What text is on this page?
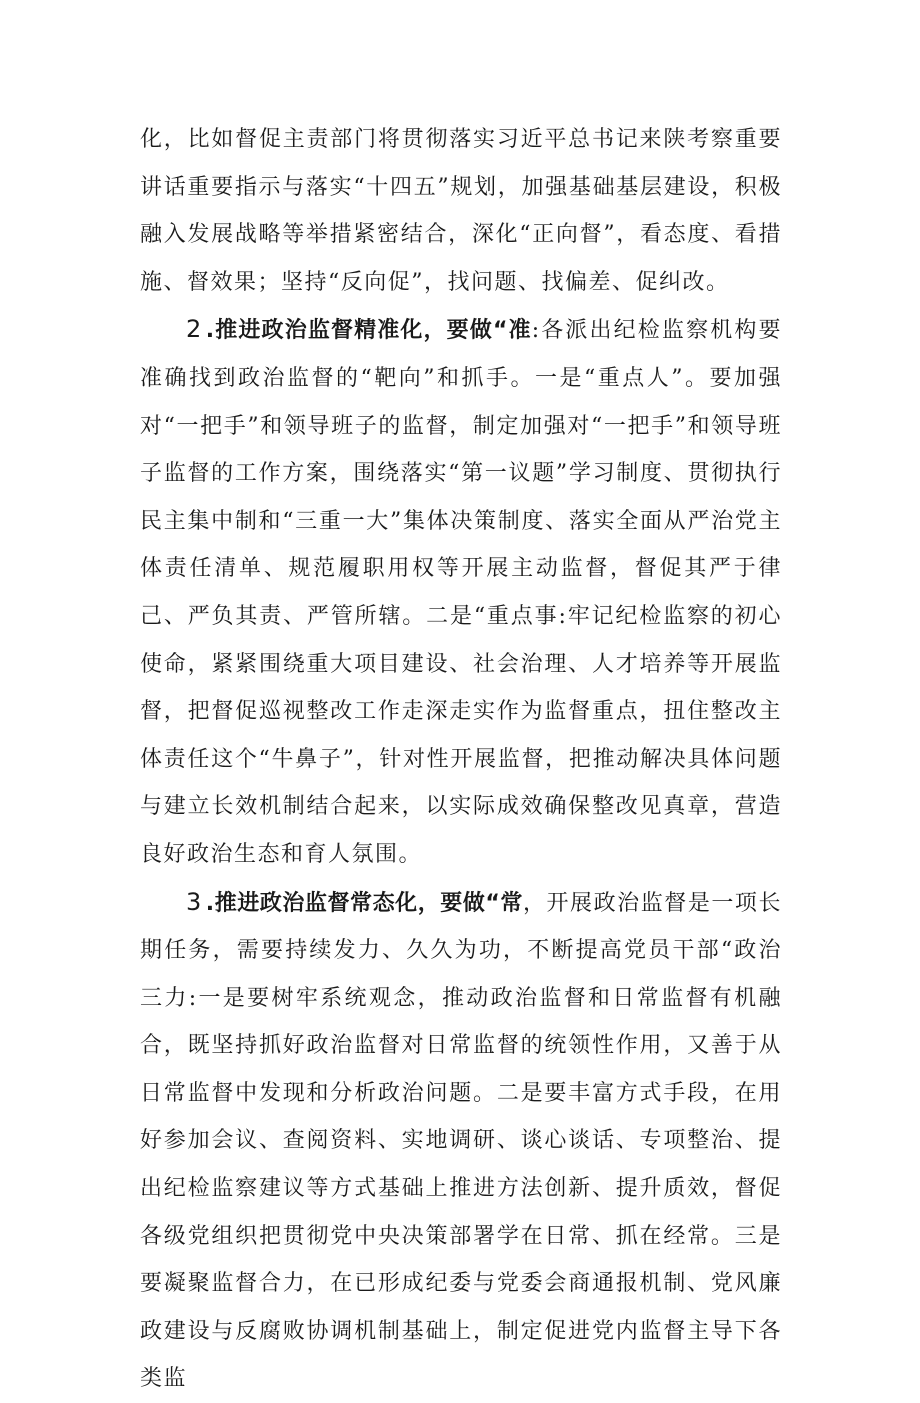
化，比如督促主责部门将贯彻落实习近平总书记来陕考察重要讲话重要指示与落实“十四五”规划，加强基础基层建设，积极融入发展战略等举措紧密结合，深化“正向督”，看态度、看措施、督效果；坚持“反向促”，找问题、找偏差、促纠改。

2 .推进政治监督精准化，要做“准:各派出纪检监察机构要准确找到政治监督的“靶向”和抓手。一是“重点人”。要加强对“一把手”和领导班子的监督，制定加强对“一把手”和领导班子监督的工作方案，围绕落实“第一议题”学习制度、贯彻执行民主集中制和“三重一大”集体决策制度、落实全面从严治党主体责任清单、规范履职用权等开展主动监督，督促其严于律己、严负其责、严管所辖。二是“重点事:牢记纪检监察的初心使命，紧紧围绕重大项目建设、社会治理、人才培养等开展监督，把督促巡视整改工作走深走实作为监督重点，扭住整改主体责任这个“牛鼻子”，针对性开展监督，把推动解决具体问题与建立长效机制结合起来，以实际成效确保整改见真章，营造良好政治生态和育人氛围。

3 .推进政治监督常态化，要做“常，开展政治监督是一项长期任务，需要持续发力、久久为功，不断提高党员干部“政治三力:一是要树牢系统观念，推动政治监督和日常监督有机融合，既坚持抓好政治监督对日常监督的统领性作用，又善于从日常监督中发现和分析政治问题。二是要丰富方式手段，在用好参加会议、查阅资料、实地调研、谈心谈话、专项整治、提出纪检监察建议等方式基础上推进方法创新、提升质效，督促各级党组织把贯彻党中央决策部署学在日常、抓在经常。三是要凝聚监督合力，在已形成纪委与党委会商通报机制、党风廉政建设与反腐败协调机制基础上，制定促进党内监督主导下各类监
